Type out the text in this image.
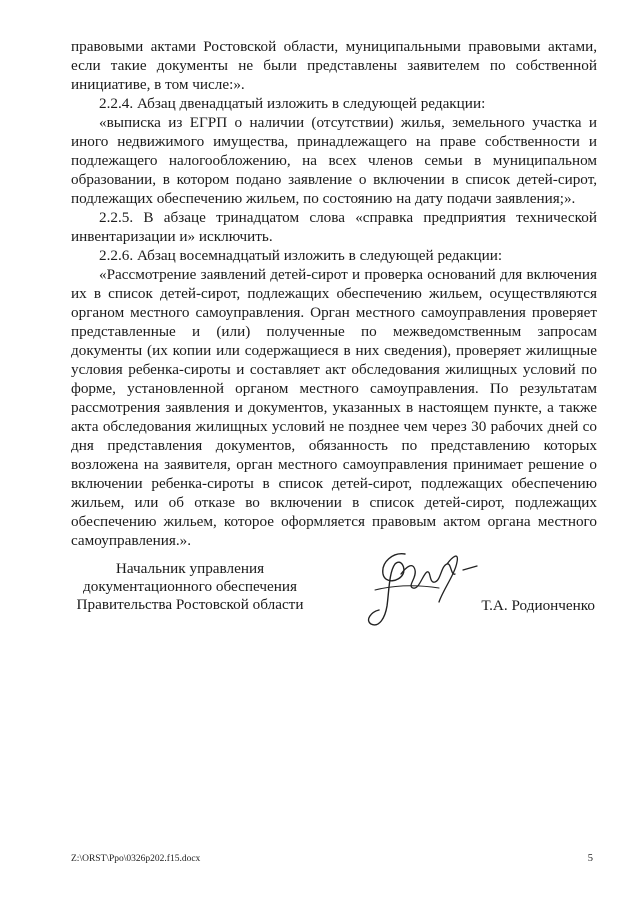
правовыми актами Ростовской области, муниципальными правовыми актами, если такие документы не были представлены заявителем по собственной инициативе, в том числе:».

2.2.4. Абзац двенадцатый изложить в следующей редакции:

«выписка из ЕГРП о наличии (отсутствии) жилья, земельного участка и иного недвижимого имущества, принадлежащего на праве собственности и подлежащего налогообложению, на всех членов семьи в муниципальном образовании, в котором подано заявление о включении в список детей-сирот, подлежащих обеспечению жильем, по состоянию на дату подачи заявления;».

2.2.5. В абзаце тринадцатом слова «справка предприятия технической инвентаризации и» исключить.

2.2.6. Абзац восемнадцатый изложить в следующей редакции:

«Рассмотрение заявлений детей-сирот и проверка оснований для включения их в список детей-сирот, подлежащих обеспечению жильем, осуществляются органом местного самоуправления. Орган местного самоуправления проверяет представленные и (или) полученные по межведомственным запросам документы (их копии или содержащиеся в них сведения), проверяет жилищные условия ребенка-сироты и составляет акт обследования жилищных условий по форме, установленной органом местного самоуправления. По результатам рассмотрения заявления и документов, указанных в настоящем пункте, а также акта обследования жилищных условий не позднее чем через 30 рабочих дней со дня представления документов, обязанность по представлению которых возложена на заявителя, орган местного самоуправления принимает решение о включении ребенка-сироты в список детей-сирот, подлежащих обеспечению жильем, или об отказе во включении в список детей-сирот, подлежащих обеспечению жильем, которое оформляется правовым актом органа местного самоуправления.».

Начальник управления
документационного обеспечения
Правительства Ростовской области	Т.А. Родионченко
Z:\ORST\Ppo\0326p202.f15.docx	5
